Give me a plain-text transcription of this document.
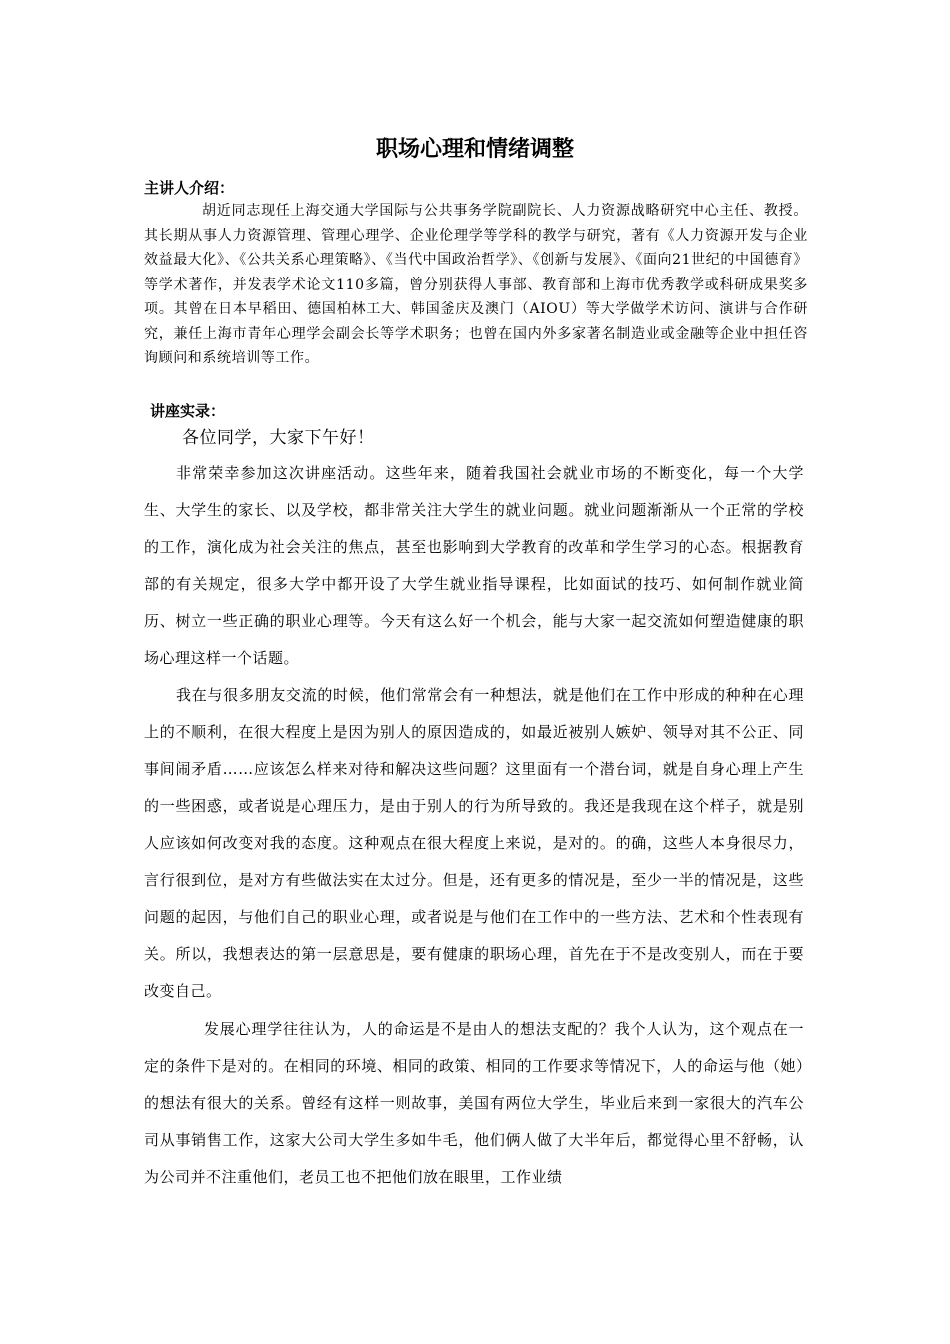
职场心理和情绪调整
主讲人介绍：

胡近同志现任上海交通大学国际与公共事务学院副院长、人力资源战略研究中心主任、教授。其长期从事人力资源管理、管理心理学、企业伦理学等学科的教学与研究，著有《人力资源开发与企业效益最大化》、《公共关系心理策略》、《当代中国政治哲学》、《创新与发展》、《面向21世纪的中国德育》等学术著作，并发表学术论文110多篇，曾分别获得人事部、教育部和上海市优秀教学或科研成果奖多项。其曾在日本早稻田、德国柏林工大、韩国釜庆及澳门（AIOU）等大学做学术访问、演讲与合作研究，兼任上海市青年心理学会副会长等学术职务；也曾在国内外多家著名制造业或金融等企业中担任咨询顾问和系统培训等工作。

讲座实录：

各位同学，大家下午好！

非常荣幸参加这次讲座活动。这些年来，随着我国社会就业市场的不断变化，每一个大学生、大学生的家长、以及学校，都非常关注大学生的就业问题。就业问题渐渐从一个正常的学校的工作，演化成为社会关注的焦点，甚至也影响到大学教育的改革和学生学习的心态。根据教育部的有关规定，很多大学中都开设了大学生就业指导课程，比如面试的技巧、如何制作就业简历、树立一些正确的职业心理等。今天有这么好一个机会，能与大家一起交流如何塑造健康的职场心理这样一个话题。

我在与很多朋友交流的时候，他们常常会有一种想法，就是他们在工作中形成的种种在心理上的不顺利，在很大程度上是因为别人的原因造成的，如最近被别人嫉妒、领导对其不公正、同事间闹矛盾……应该怎么样来对待和解决这些问题？这里面有一个潜台词，就是自身心理上产生的一些困惑，或者说是心理压力，是由于别人的行为所导致的。我还是我现在这个样子，就是别人应该如何改变对我的态度。这种观点在很大程度上来说，是对的。的确，这些人本身很尽力，言行很到位，是对方有些做法实在太过分。但是，还有更多的情况是，至少一半的情况是，这些问题的起因，与他们自己的职业心理，或者说是与他们在工作中的一些方法、艺术和个性表现有关。所以，我想表达的第一层意思是，要有健康的职场心理，首先在于不是改变别人，而在于要改变自己。

发展心理学往往认为，人的命运是不是由人的想法支配的？我个人认为，这个观点在一定的条件下是对的。在相同的环境、相同的政策、相同的工作要求等情况下，人的命运与他（她）的想法有很大的关系。曾经有这样一则故事，美国有两位大学生，毕业后来到一家很大的汽车公司从事销售工作，这家大公司大学生多如牛毛，他们俩人做了大半年后，都觉得心里不舒畅，认为公司并不注重他们，老员工也不把他们放在眼里，工作业绩
